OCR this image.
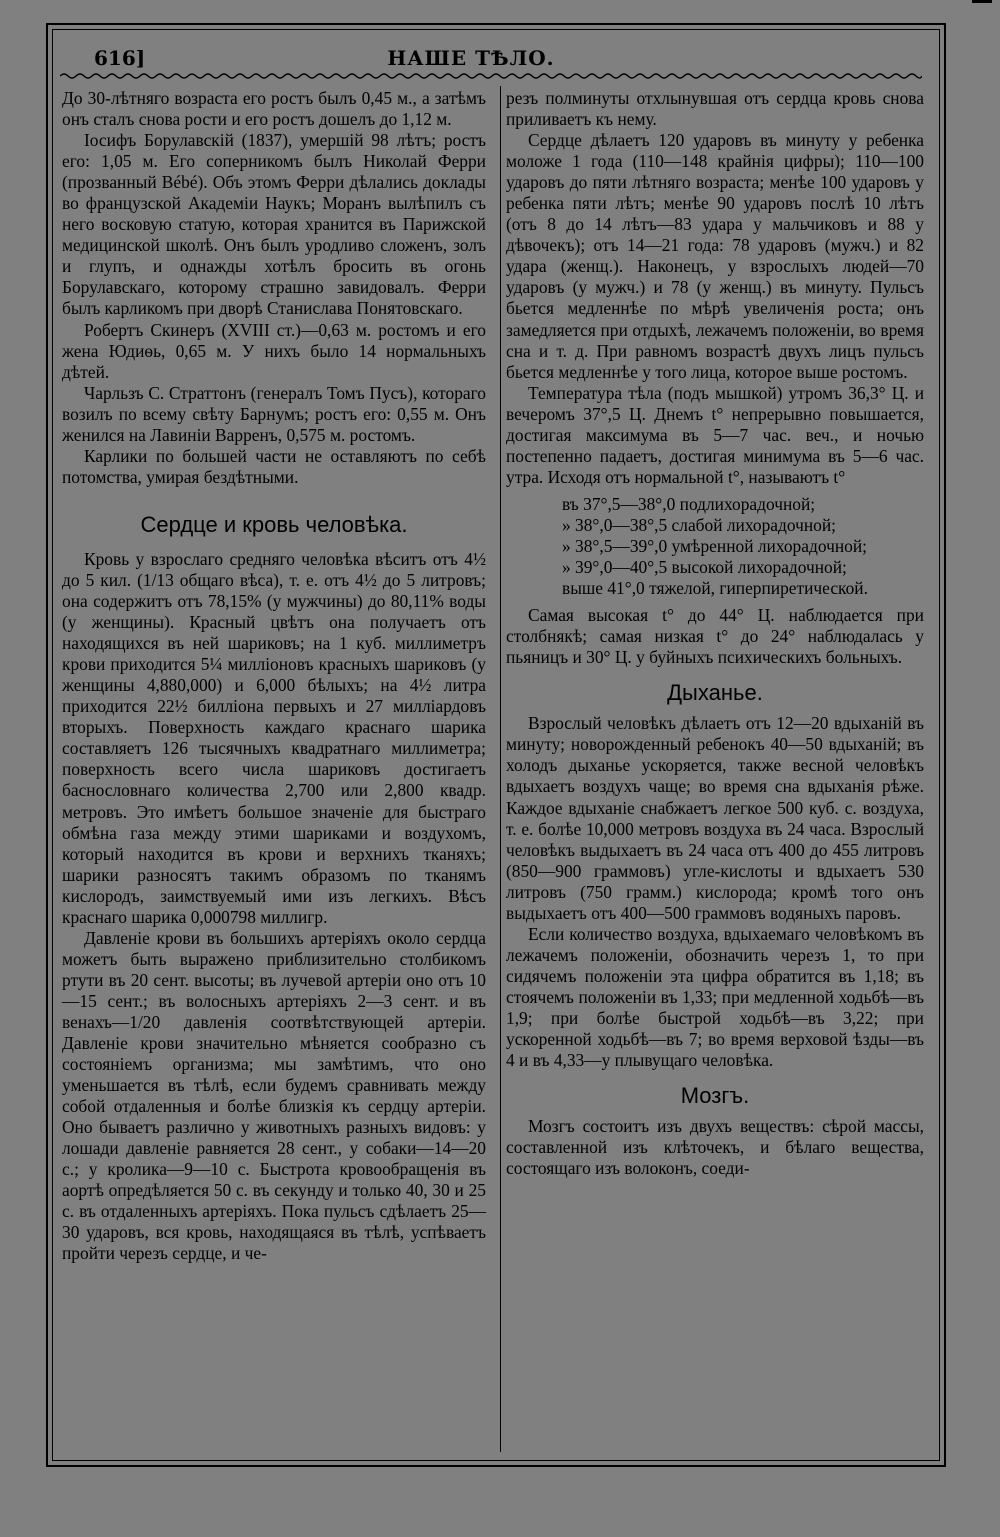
616]	НАШЕ ТѢЛО.

До 30-лѣтняго возраста его ростъ былъ 0,45 м., а затѣмъ онъ сталъ снова рости и его ростъ дошелъ до 1,12 м.

Іосифъ Борулавскій (1837), умершій 98 лѣтъ; ростъ его: 1,05 м. Его соперникомъ былъ Николай Ферри (прозванный Bébé). Объ этомъ Ферри дѣлались доклады во французской Академіи Наукъ; Моранъ вылѣпилъ съ него восковую статую, которая хранится въ Парижской медицинской школѣ. Онъ былъ уродливо сложенъ, золъ и глупъ, и однажды хотѣлъ бросить въ огонь Борулавскаго, которому страшно завидовалъ. Ферри былъ карликомъ при дворѣ Станислава Понятовскаго.

Робертъ Скинеръ (XVIII ст.)—0,63 м. ростомъ и его жена Юдиѳь, 0,65 м. У нихъ было 14 нормальныхъ дѣтей.

Чарльзъ С. Страттонъ (генералъ Томъ Пусъ), котораго возилъ по всему свѣту Барнумъ; ростъ его: 0,55 м. Онъ женился на Лавиніи Варренъ, 0,575 м. ростомъ.

Карлики по большей части не оставляютъ по себѣ потомства, умирая бездѣтными.

Сердце и кровь человѣка.

Кровь у взрослаго средняго человѣка вѣситъ отъ 4½ до 5 кил. (1/13 общаго вѣса), т. е. отъ 4½ до 5 литровъ; она содержитъ отъ 78,15% (у мужчины) до 80,11% воды (у женщины). Красный цвѣтъ она получаетъ отъ находящихся въ ней шариковъ; на 1 куб. миллиметръ крови приходится 5¼ милліоновъ красныхъ шариковъ (у женщины 4,880,000) и 6,000 бѣлыхъ; на 4½ литра приходится 22½ билліона первыхъ и 27 милліардовъ вторыхъ. Поверхность каждаго краснаго шарика составляетъ 126 тысячныхъ квадратнаго миллиметра; поверхность всего числа шариковъ достигаетъ баснословнаго количества 2,700 или 2,800 квадр. метровъ. Это имѣетъ большое значеніе для быстраго обмѣна газа между этими шариками и воздухомъ, который находится въ крови и верхнихъ тканяхъ; шарики разносятъ такимъ образомъ по тканямъ кислородъ, заимствуемый ими изъ легкихъ. Вѣсъ краснаго шарика 0,000798 миллигр.

Давленіе крови въ большихъ артеріяхъ около сердца можетъ быть выражено приблизительно столбикомъ ртути въ 20 сент. высоты; въ лучевой артеріи оно отъ 10—15 сент.; въ волосныхъ артеріяхъ 2—3 сент. и въ венахъ—1/20 давленія соотвѣтствующей артеріи. Давленіе крови значительно мѣняется сообразно съ состояніемъ организма; мы замѣтимъ, что оно уменьшается въ тѣлѣ, если будемъ сравнивать между собой отдаленныя и болѣе близкія къ сердцу артеріи. Оно бываетъ различно у животныхъ разныхъ видовъ: у лошади давленіе равняется 28 сент., у собаки—14—20 с.; у кролика—9—10 с. Быстрота кровообращенія въ аортѣ опредѣляется 50 с. въ секунду и только 40, 30 и 25 с. въ отдаленныхъ артеріяхъ. Пока пульсъ сдѣлаетъ 25—30 ударовъ, вся кровь, находящаяся въ тѣлѣ, успѣваетъ пройти черезъ сердце, и че-

резъ полминуты отхлынувшая отъ сердца кровь снова приливаетъ къ нему.

Сердце дѣлаетъ 120 ударовъ въ минуту у ребенка моложе 1 года (110—148 крайнія цифры); 110—100 ударовъ до пяти лѣтняго возраста; менѣе 100 ударовъ у ребенка пяти лѣтъ; менѣе 90 ударовъ послѣ 10 лѣтъ (отъ 8 до 14 лѣтъ—83 удара у мальчиковъ и 88 у дѣвочекъ); отъ 14—21 года: 78 ударовъ (мужч.) и 82 удара (женщ.). Наконецъ, у взрослыхъ людей—70 ударовъ (у мужч.) и 78 (у женщ.) въ минуту. Пульсъ бьется медленнѣе по мѣрѣ увеличенія роста; онъ замедляется при отдыхѣ, лежачемъ положеніи, во время сна и т. д. При равномъ возрастѣ двухъ лицъ пульсъ бьется медленнѣе у того лица, которое выше ростомъ.

Температура тѣла (подъ мышкой) утромъ 36,3° Ц. и вечеромъ 37°,5 Ц. Днемъ t° непрерывно повышается, достигая максимума въ 5—7 час. веч., и ночью постепенно падаетъ, достигая минимума въ 5—6 час. утра. Исходя отъ нормальной t°, называютъ t°

въ 37°,5—38°,0 подлихорадочной;
» 38°,0—38°,5 слабой лихорадочной;
» 38°,5—39°,0 умѣренной лихорадочной;
» 39°,0—40°,5 высокой лихорадочной;
выше 41°,0 тяжелой, гиперпиретической.

Самая высокая t° до 44° Ц. наблюдается при столбнякѣ; самая низкая t° до 24° наблюдалась у пьяницъ и 30° Ц. у буйныхъ психическихъ больныхъ.

Дыханье.

Взрослый человѣкъ дѣлаетъ отъ 12—20 вдыханій въ минуту; новорожденный ребенокъ 40—50 вдыханій; въ холодъ дыханье ускоряется, также весной человѣкъ вдыхаетъ воздухъ чаще; во время сна вдыханія рѣже. Каждое вдыханіе снабжаетъ легкое 500 куб. с. воздуха, т. е. болѣе 10,000 метровъ воздуха въ 24 часа. Взрослый человѣкъ выдыхаетъ въ 24 часа отъ 400 до 455 литровъ (850—900 граммовъ) угле-кислоты и вдыхаетъ 530 литровъ (750 грамм.) кислорода; кромѣ того онъ выдыхаетъ отъ 400—500 граммовъ водяныхъ паровъ.

Если количество воздуха, вдыхаемаго человѣкомъ въ лежачемъ положеніи, обозначить черезъ 1, то при сидячемъ положеніи эта цифра обратится въ 1,18; въ стоячемъ положеніи въ 1,33; при медленной ходьбѣ—въ 1,9; при болѣе быстрой ходьбѣ—въ 3,22; при ускоренной ходьбѣ—въ 7; во время верховой ѣзды—въ 4 и въ 4,33—у плывущаго человѣка.

Мозгъ.

Мозгъ состоитъ изъ двухъ веществъ: сѣрой массы, составленной изъ клѣточекъ, и бѣлаго вещества, состоящаго изъ волоконъ, соеди-
